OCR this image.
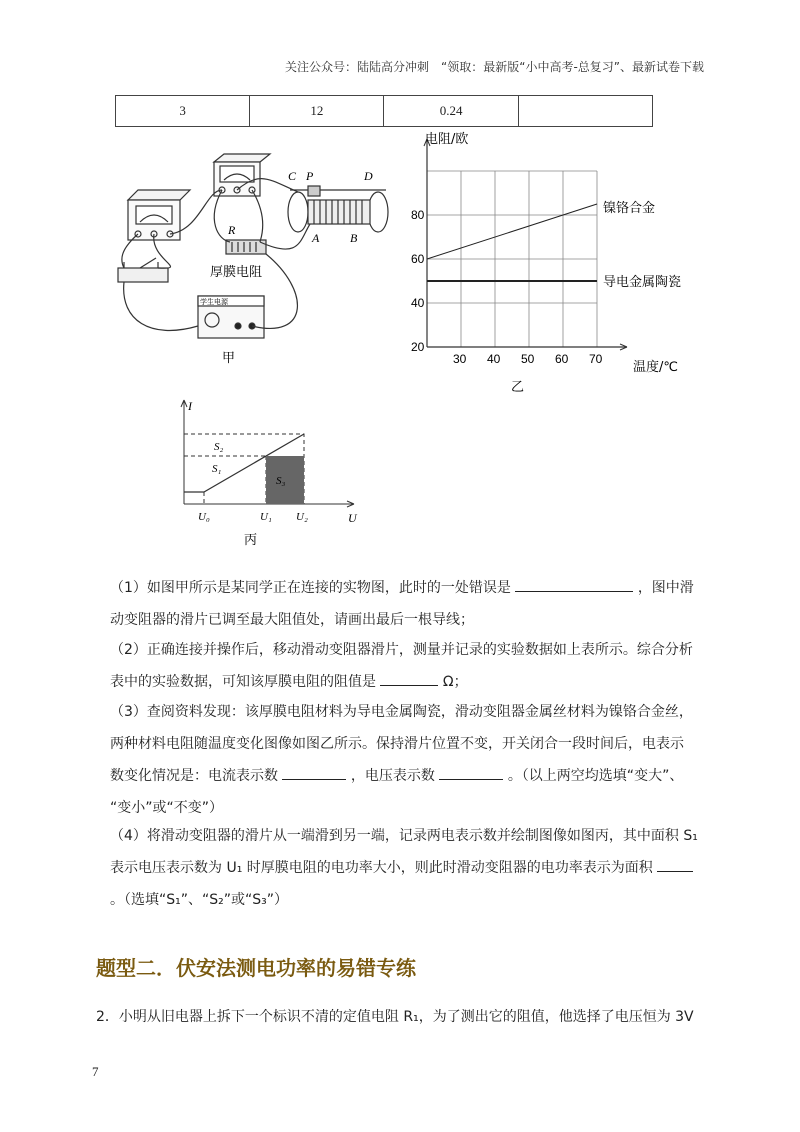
关注公众号：陆陆高分冲刺　“领取：最新版“小中高考-总复习”、最新试卷下载
3	12	0.24	
R
厚膜电阻
C P	D
A	B
学生电源
甲
镍铬合金
导电金属陶瓷
30 40 50 60 70
20
40
60
80
电阻/欧
温度/℃
乙
I
U
S₂
S₁
S₃
U₀	U₁ U₂
丙
（1）如图甲所示是某同学正在连接的实物图，此时的一处错误是	，图中滑
动变阻器的滑片已调至最大阻值处，请画出最后一根导线；
（2）正确连接并操作后，移动滑动变阻器滑片，测量并记录的实验数据如上表所示。综合分析
表中的实验数据，可知该厚膜电阻的阻值是	Ω；
（3）查阅资料发现：该厚膜电阻材料为导电金属陶瓷，滑动变阻器金属丝材料为镍铬合金丝，
两种材料电阻随温度变化图像如图乙所示。保持滑片位置不变，开关闭合一段时间后，电表示
数变化情况是：电流表示数	，电压表示数	。（以上两空均选填“变大”、
“变小”或“不变”）
（4）将滑动变阻器的滑片从一端滑到另一端，记录两电表示数并绘制图像如图丙，其中面积 S₁
表示电压表示数为 U₁ 时厚膜电阻的电功率大小，则此时滑动变阻器的电功率表示为面积
。（选填“S₁”、“S₂”或“S₃”）
题型二．伏安法测电功率的易错专练
2．小明从旧电器上拆下一个标识不清的定值电阻 R₁，为了测出它的阻值，他选择了电压恒为 3V
7
